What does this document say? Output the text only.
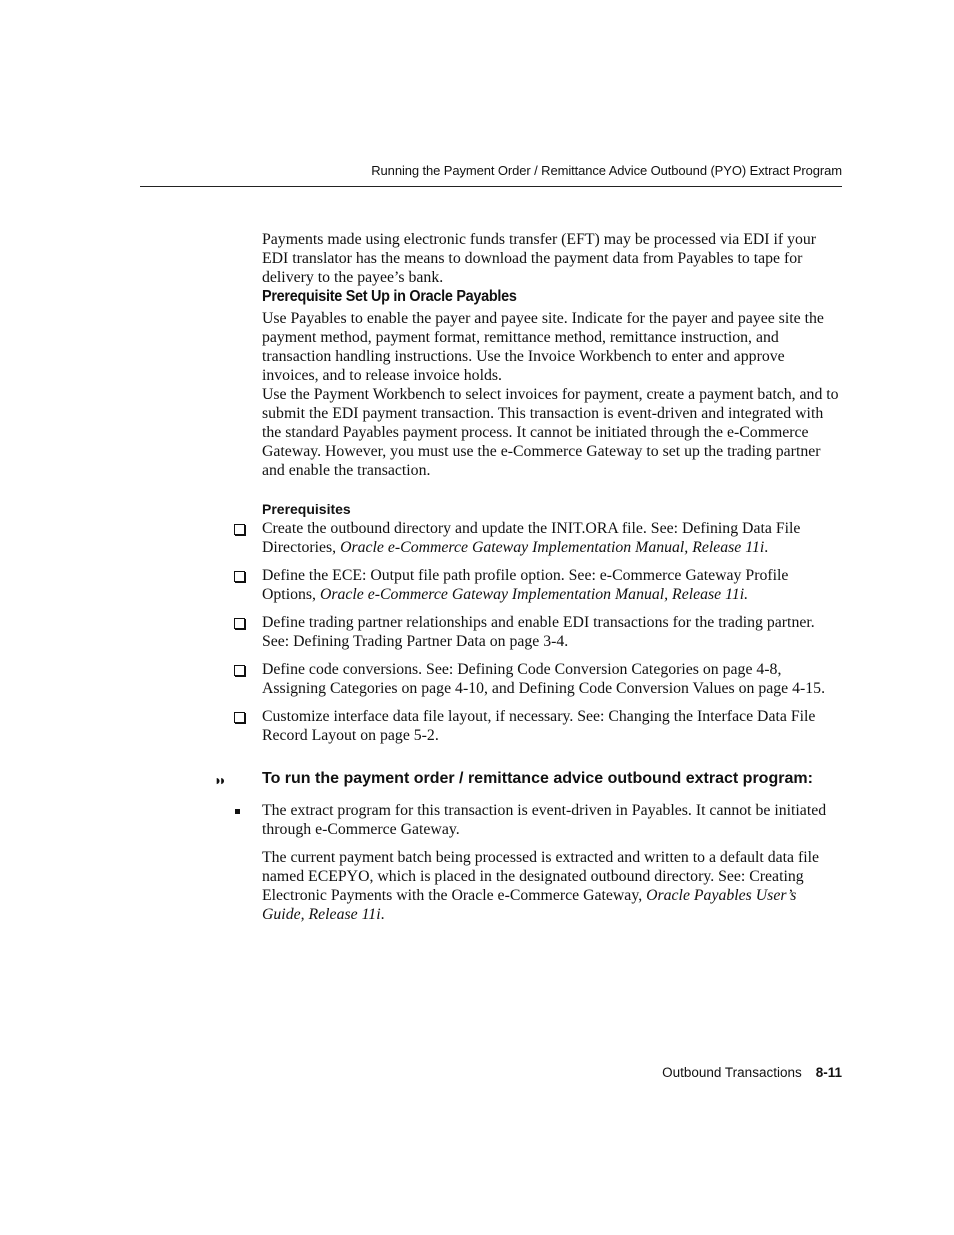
Running the Payment Order / Remittance Advice Outbound (PYO) Extract Program

Payments made using electronic funds transfer (EFT) may be processed via EDI if your EDI translator has the means to download the payment data from Payables to tape for delivery to the payee’s bank.

Prerequisite Set Up in Oracle Payables

Use Payables to enable the payer and payee site. Indicate for the payer and payee site the payment method, payment format, remittance method, remittance instruction, and transaction handling instructions. Use the Invoice Workbench to enter and approve invoices, and to release invoice holds.

Use the Payment Workbench to select invoices for payment, create a payment batch, and to submit the EDI payment transaction. This transaction is event-driven and integrated with the standard Payables payment process. It cannot be initiated through the e-Commerce Gateway. However, you must use the e-Commerce Gateway to set up the trading partner and enable the transaction.

Prerequisites
Create the outbound directory and update the INIT.ORA file. See: Defining Data File Directories, Oracle e-Commerce Gateway Implementation Manual, Release 11i.
Define the ECE: Output file path profile option. See: e-Commerce Gateway Profile Options, Oracle e-Commerce Gateway Implementation Manual, Release 11i.
Define trading partner relationships and enable EDI transactions for the trading partner. See: Defining Trading Partner Data on page 3-4.
Define code conversions. See: Defining Code Conversion Categories on page 4-8, Assigning Categories on page 4-10, and Defining Code Conversion Values on page 4-15.
Customize interface data file layout, if necessary. See: Changing the Interface Data File Record Layout on page 5-2.
◗◗ To run the payment order / remittance advice outbound extract program:
The extract program for this transaction is event-driven in Payables. It cannot be initiated through e-Commerce Gateway.
The current payment batch being processed is extracted and written to a default data file named ECEPYO, which is placed in the designated outbound directory. See: Creating Electronic Payments with the Oracle e-Commerce Gateway, Oracle Payables User’s Guide, Release 11i.
Outbound Transactions 8-11
